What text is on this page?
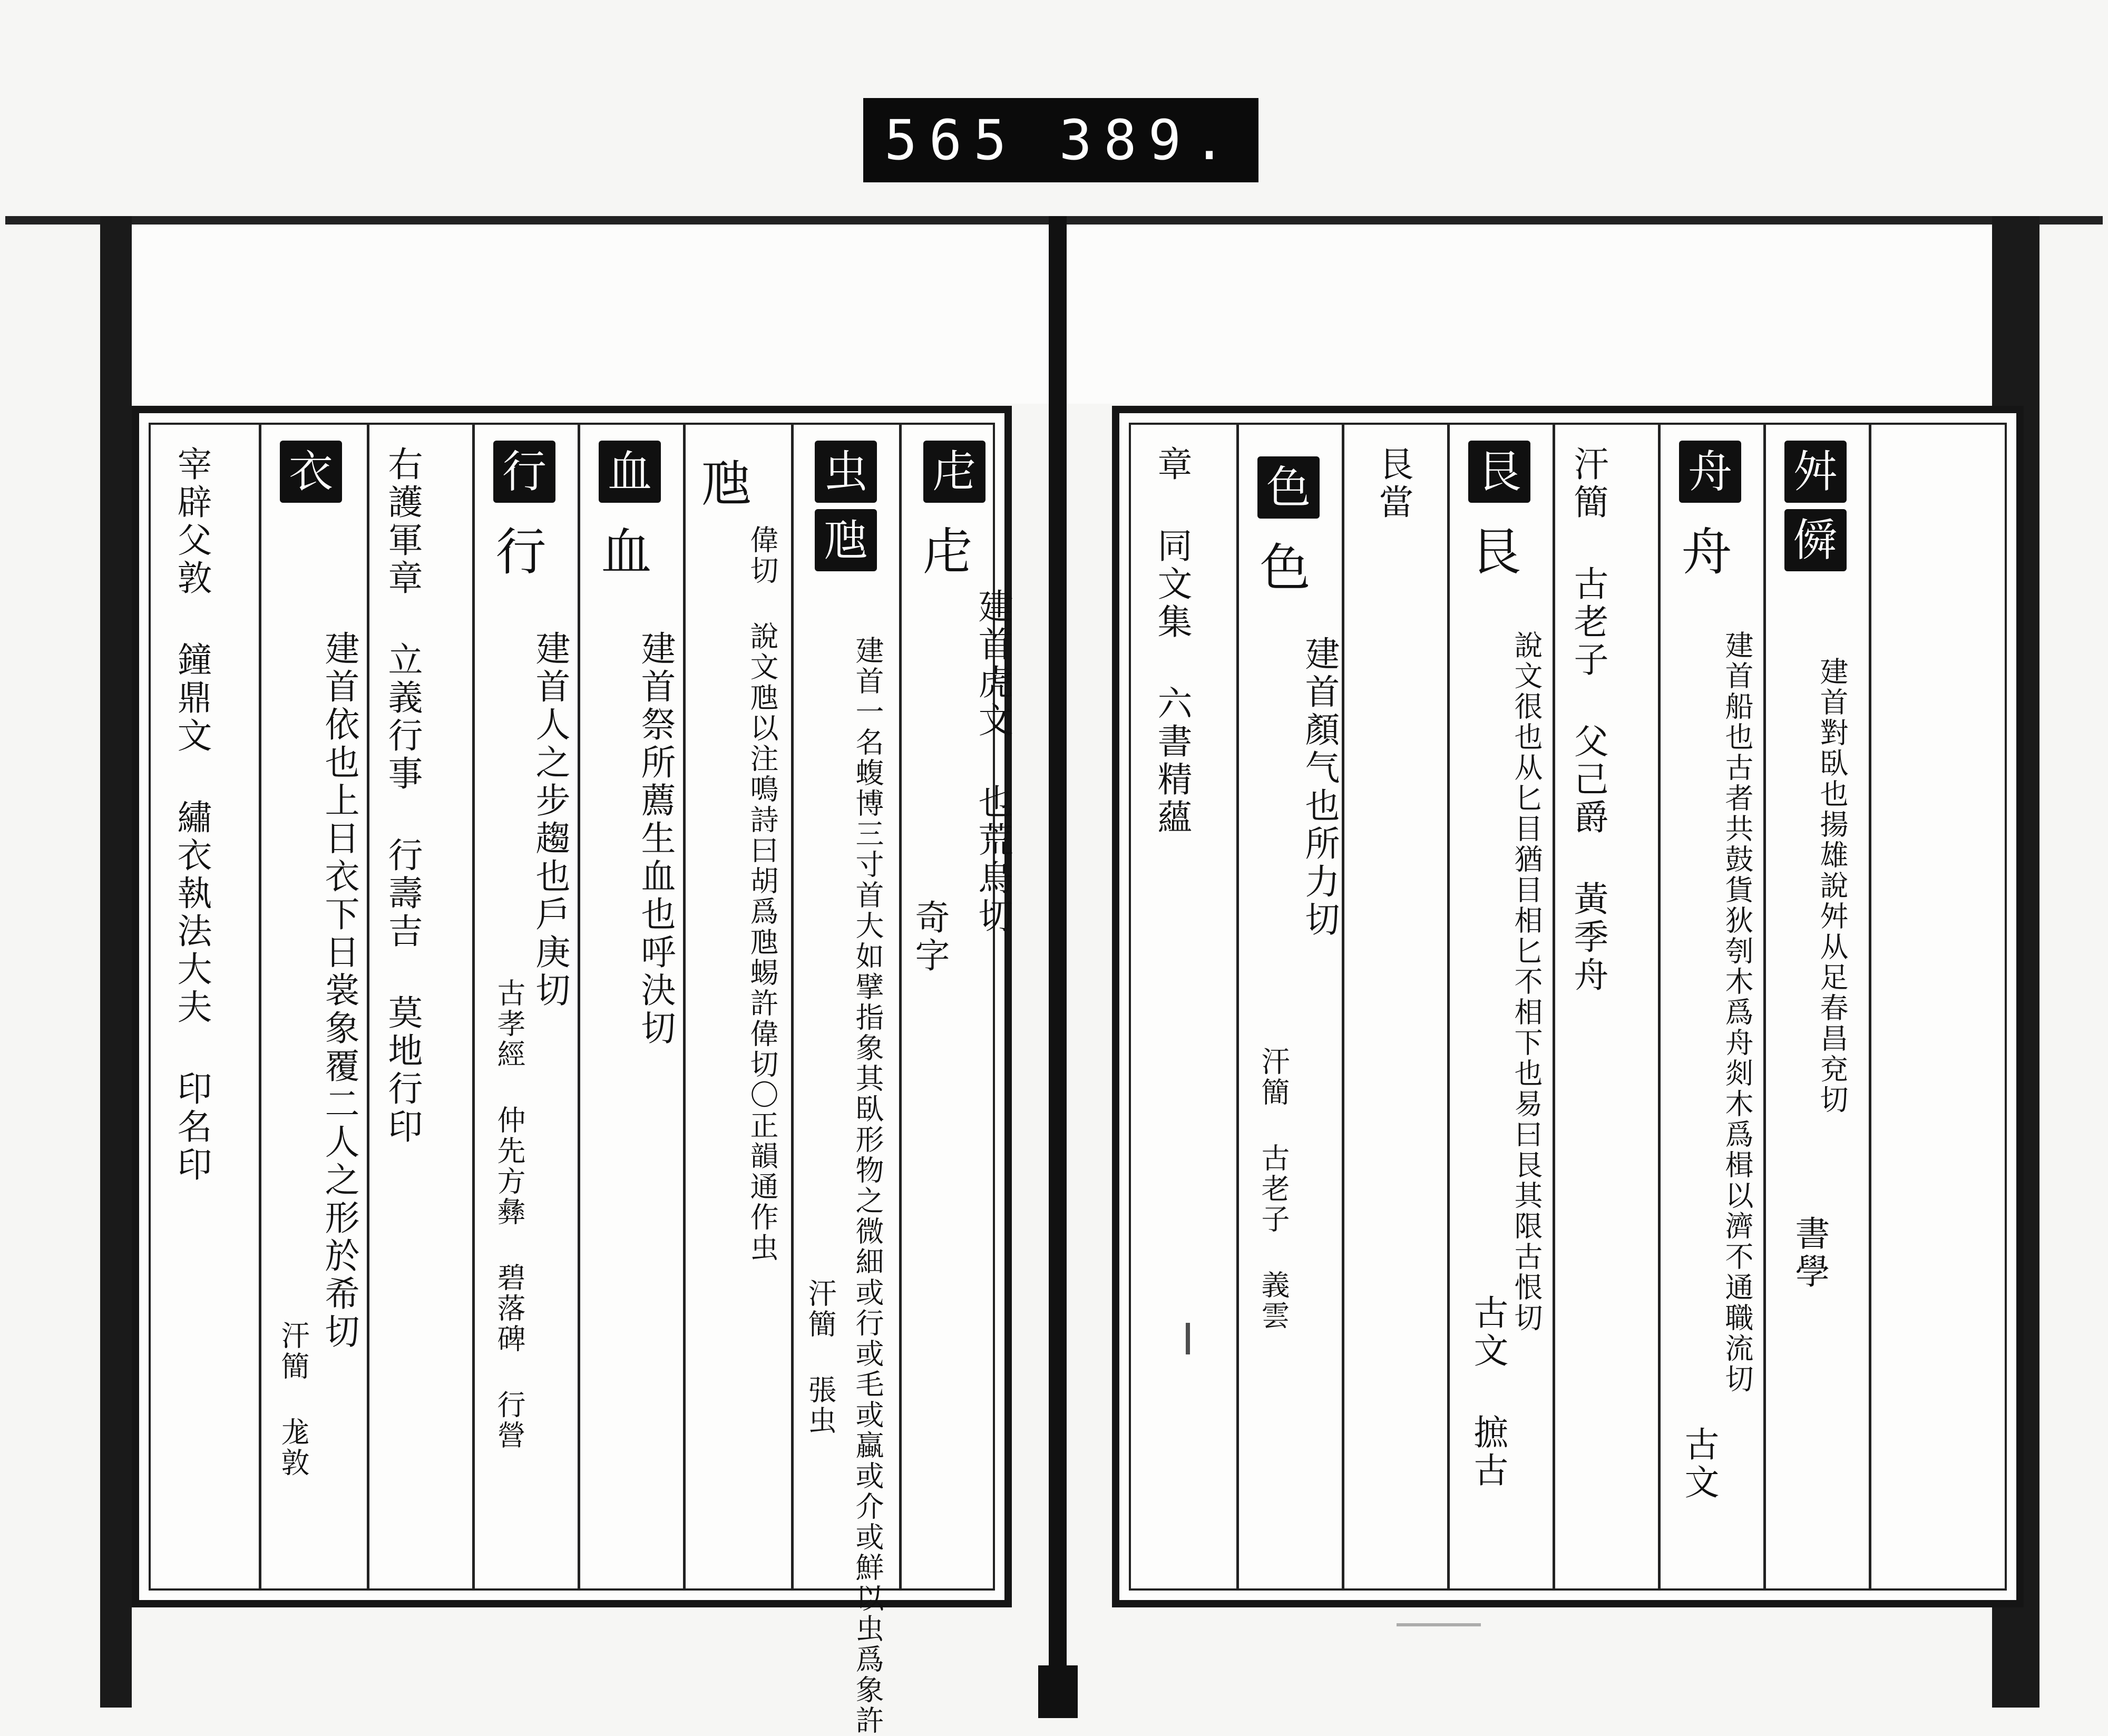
565 389.
虍
虍
建首虎文 也荒烏切
奇字
虫
虺
建首一名蝮博三寸首大如擘指象其臥形物之微細或行或毛或蠃或介或鮮以虫爲象許
汗簡 張虫
虺
偉切 說文虺以注鳴詩曰胡爲虺蜴許偉切〇正韻通作虫
血
血
建首祭所薦生血也呼決切
行
行
建首人之步趨也戶庚切
古孝經 仲先方彝 碧落碑 行營
右護軍章 立義行事 行壽吉 莫地行印
衣
建首依也上日衣下日裳象覆二人之形於希切
汗簡 尨敦
宰辟父敦 鐘鼎文 繡衣執法大夫 印名印	舛
僢
建首對臥也揚雄說舛从足春昌兗切
書學
舟
舟
建首船也古者共鼓貨狄刳木爲舟剡木爲楫以濟不通職流切
古文
汗簡 古老子 父己爵 黃季舟
艮
艮
說文很也从匕目猶目相匕不相下也易曰艮其限古恨切
古文 摭古
艮當
色
色
建首顏气也所力切
汗簡 古老子 義雲
章 同文集 六書精蘊
